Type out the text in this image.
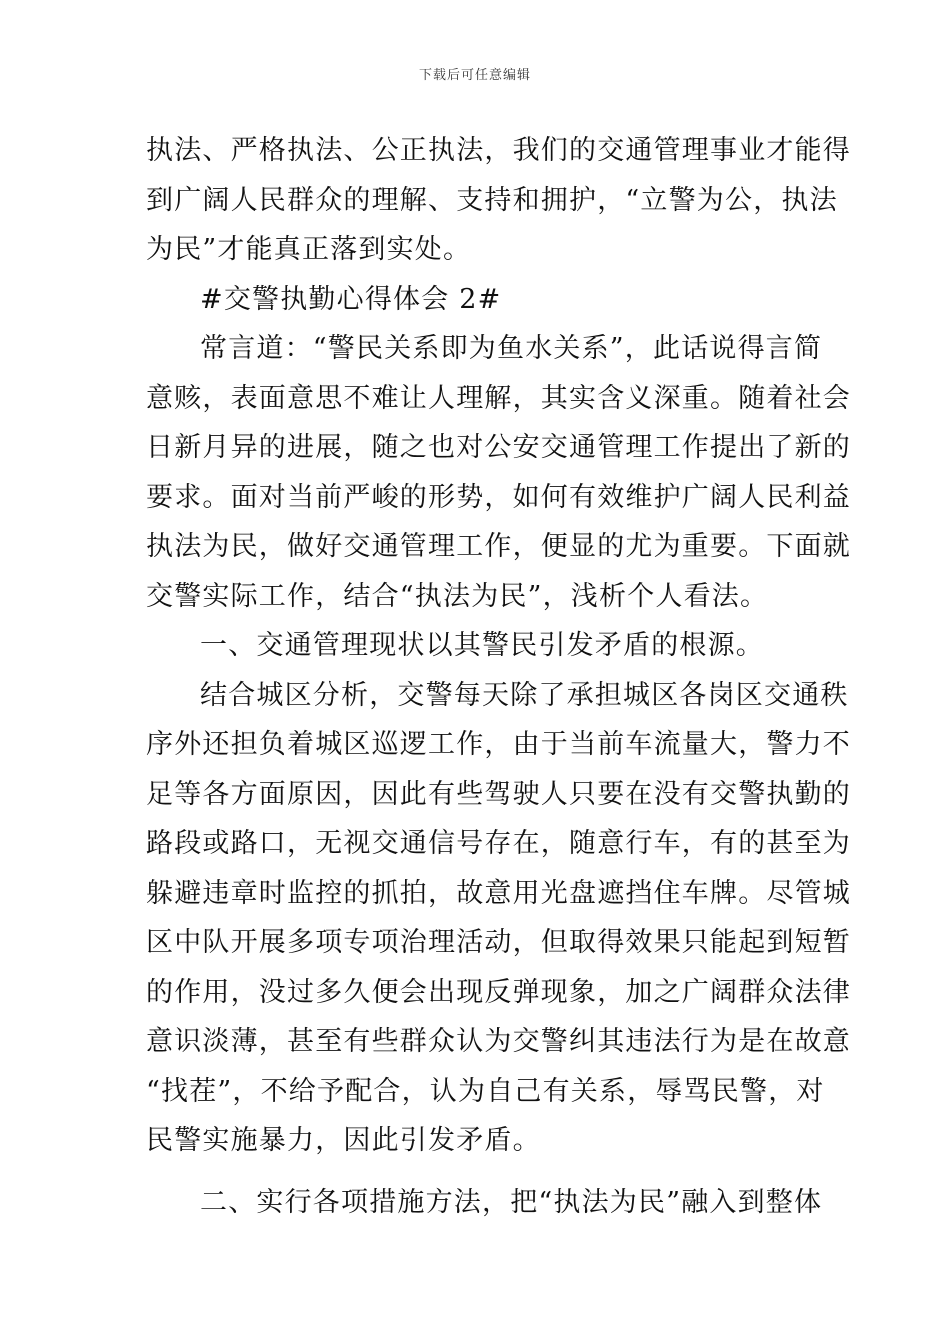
下载后可任意编辑
执法、严格执法、公正执法，我们的交通管理事业才能得
到广阔人民群众的理解、支持和拥护，“立警为公，执法
为民”才能真正落到实处。
#交警执勤心得体会 2#
常言道：“警民关系即为鱼水关系”，此话说得言简
意赅，表面意思不难让人理解，其实含义深重。随着社会
日新月异的进展，随之也对公安交通管理工作提出了新的
要求。面对当前严峻的形势，如何有效维护广阔人民利益
执法为民，做好交通管理工作，便显的尤为重要。下面就
交警实际工作，结合“执法为民”，浅析个人看法。
一、交通管理现状以其警民引发矛盾的根源。
结合城区分析，交警每天除了承担城区各岗区交通秩
序外还担负着城区巡逻工作，由于当前车流量大，警力不
足等各方面原因，因此有些驾驶人只要在没有交警执勤的
路段或路口，无视交通信号存在，随意行车，有的甚至为
躲避违章时监控的抓拍，故意用光盘遮挡住车牌。尽管城
区中队开展多项专项治理活动，但取得效果只能起到短暂
的作用，没过多久便会出现反弹现象，加之广阔群众法律
意识淡薄，甚至有些群众认为交警纠其违法行为是在故意
“找茬”，不给予配合，认为自己有关系，辱骂民警，对
民警实施暴力，因此引发矛盾。
二、实行各项措施方法，把“执法为民”融入到整体
